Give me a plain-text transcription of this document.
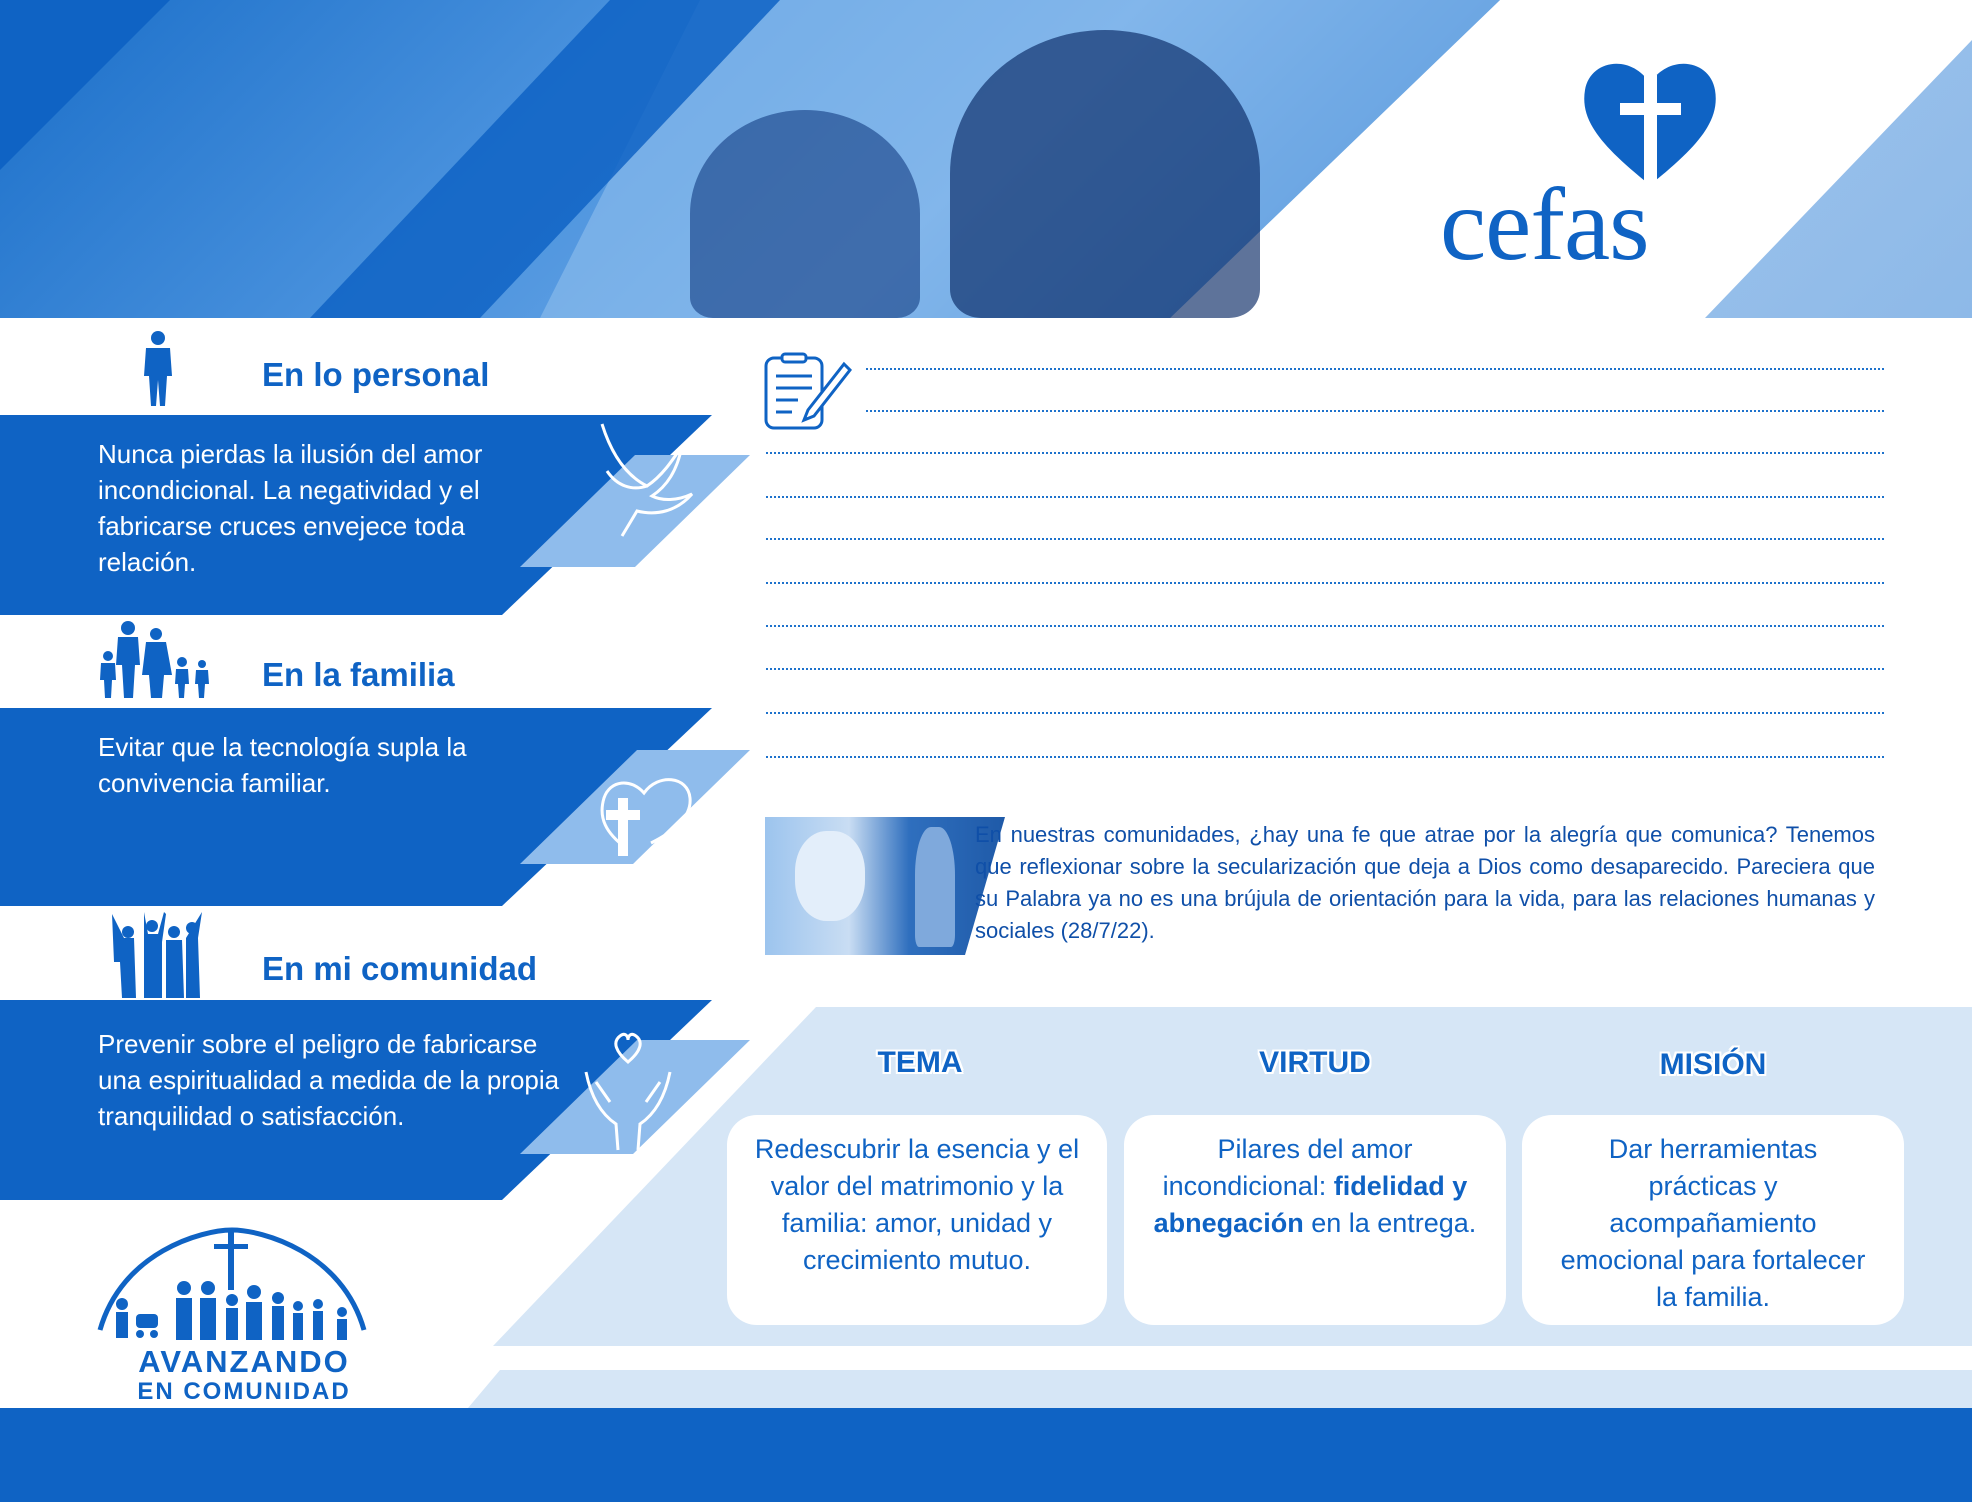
cefas
En lo personal
Nunca pierdas la ilusión del amor incondicional. La negatividad y el fabricarse cruces envejece toda relación.
En la familia
Evitar que la tecnología supla la convivencia familiar.
En mi comunidad
Prevenir sobre el peligro de fabricarse una espiritualidad a medida de la propia tranquilidad o satisfacción.
En nuestras comunidades, ¿hay una fe que atrae por la alegría que comunica? Tenemos que reflexionar sobre la secularización que deja a Dios como desaparecido. Pareciera que su Palabra ya no es una brújula de orientación para la vida, para las relaciones humanas y sociales (28/7/22).
TEMA	VIRTUD	MISIÓN
Redescubrir la esencia y el valor del matrimonio y la familia: amor, unidad y crecimiento mutuo.
Pilares del amor incondicional: fidelidad y abnegación en la entrega.
Dar herramientas prácticas y acompañamiento emocional para fortalecer la familia.
AVANZANDO
EN COMUNIDAD
